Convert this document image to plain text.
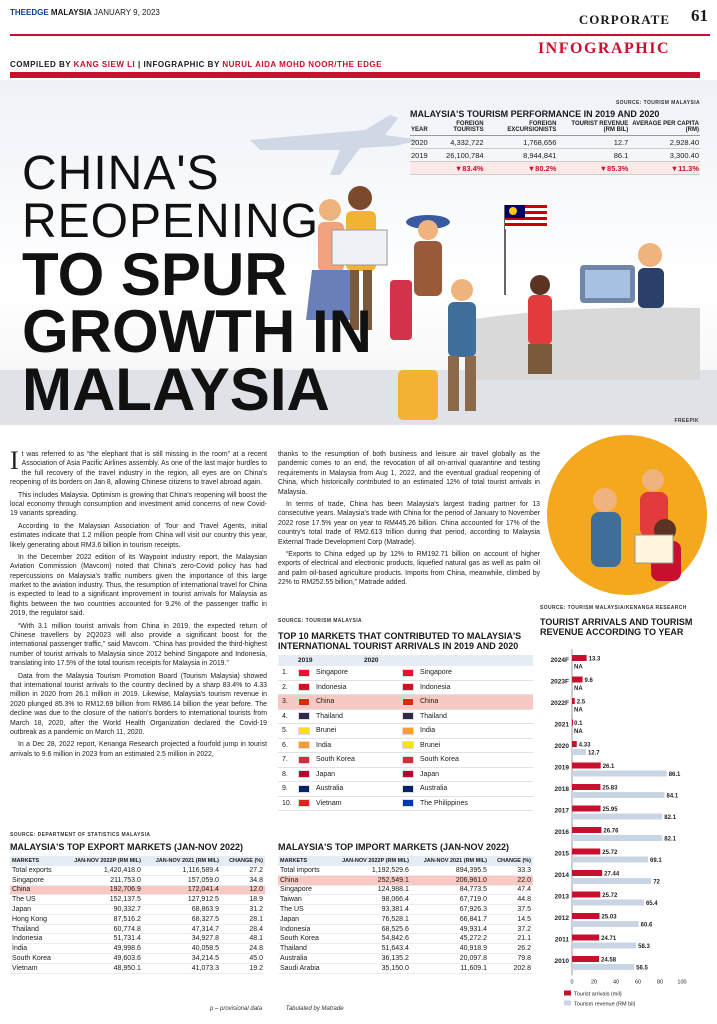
THEEDGE MALAYSIA JANUARY 9, 2023	CORPORATE 61
INFOGRAPHIC
COMPILED BY KANG SIEW LI | INFOGRAPHIC BY NURUL AIDA MOHD NOOR/THE EDGE
CHINA'S
REOPENING
TO SPUR
GROWTH IN
MALAYSIA	FREEPIK
SOURCE: TOURISM MALAYSIA
MALAYSIA'S TOURISM PERFORMANCE IN 2019 AND 2020
YEAR	FOREIGN TOURISTS	FOREIGN EXCURSIONISTS	TOURIST REVENUE (RM BIL)	AVERAGE PER CAPITA (RM)
2020	4,332,722	1,768,656	12.7	2,928.40
2019	26,100,784	8,944,841	86.1	3,300.40
	▼83.4%	▼80.2%	▼85.3%	▼11.3%

It was referred to as “the elephant that is still missing in the room” at a recent Association of Asia Pacific Airlines assembly. As one of the last major hurdles to the full recovery of the travel industry in the region, all eyes are on China's reopening of its borders on Jan 8, allowing Chinese citizens to travel abroad again.

This includes Malaysia. Optimism is growing that China's reopening will boost the local economy through consumption and investment amid concerns of new Covid-19 variants spreading.

According to the Malaysian Association of Tour and Travel Agents, initial estimates indicate that 1.2 million people from China will visit our country this year, likely generating about RM3.6 billion in tourism receipts.

In the December 2022 edition of its Waypoint industry report, the Malaysian Aviation Commission (Mavcom) noted that China's zero-Covid policy has had repercussions on Malaysia's traffic numbers given the importance of this large market to the aviation industry. Thus, the resumption of international travel for China is expected to lead to a significant improvement in tourist arrivals for Malaysia as flights between the two countries accounted for 9.2% of the passenger traffic in 2019, the regulator said.

“With 3.1 million tourist arrivals from China in 2019, the expected return of Chinese travellers by 2Q2023 will also provide a significant boost for the international passenger traffic,” said Mavcom. “China has provided the third-highest number of tourist arrivals to Malaysia since 2012 behind Singapore and Indonesia, translating into 17.5% of the total tourism receipts for Malaysia in 2019.”

Data from the Malaysia Tourism Promotion Board (Tourism Malaysia) showed that international tourist arrivals to the country declined by a sharp 83.4% to 4.33 million in 2020 from 26.1 million in 2019. Likewise, Malaysia's tourism revenue in 2020 plunged 85.3% to RM12.69 billion from RM86.14 billion the year before. The decline was due to the closure of the nation's borders to international tourists from March 18, 2020, after the World Health Organization declared the Covid-19 outbreak as a pandemic on March 11, 2020.

In a Dec 28, 2022 report, Kenanga Research projected a fourfold jump in tourist arrivals to 9.6 million in 2023 from an estimated 2.5 million in 2022,

thanks to the resumption of both business and leisure air travel globally as the pandemic comes to an end, the revocation of all on-arrival quarantine and testing requirements in Malaysia from Aug 1, 2022, and the eventual gradual reopening of China, which historically contributed to an estimated 12% of total tourist arrivals in Malaysia.

In terms of trade, China has been Malaysia's largest trading partner for 13 consecutive years. Malaysia's trade with China for the period of January to November 2022 rose 17.5% year on year to RM445.26 billion. China accounted for 17% of the country's total trade of RM2.613 trillion during that period, according to Malaysia External Trade Development Corp (Matrade).

“Exports to China edged up by 12% to RM192.71 billion on account of higher exports of electrical and electronic products, liquefied natural gas as well as palm oil and palm oil-based agriculture products. Imports from China, meanwhile, climbed by 22% to RM252.55 billion,” Matrade added.

SOURCE: TOURISM MALAYSIA
TOP 10 MARKETS THAT CONTRIBUTED TO MALAYSIA'S INTERNATIONAL TOURIST ARRIVALS IN 2019 AND 2020
2019	2020
1.	Singapore	Singapore
2.	Indonesia	Indonesia
3.	China	China
4.	Thailand	Thailand
5.	Brunei	India
6.	India	Brunei
7.	South Korea	South Korea
8.	Japan	Japan
9.	Australia	Australia
10.	Vietnam	The Philippines
SOURCE: TOURISM MALAYSIA/KENANGA RESEARCH
TOURIST ARRIVALS AND TOURISM REVENUE ACCORDING TO YEAR
2024F	13.3
NA
2023F	9.6
NA
2022F 2.5
NA
2021 0.1
NA
2020 4.33
12.7
2019	26.1
86.1
2018	25.83
84.1
2017	25.95
82.1
2016	26.76
82.1
2015	25.72
69.1
2014	27.44
72
2013	25.72
65.4
2012	25.03
60.6
2011	24.71
58.3
2010	24.58
56.5
0	20	40	60	80	100
Tourist arrivals (mil)
Tourism revenue (RM bil)
SOURCE: DEPARTMENT OF STATISTICS MALAYSIA
MALAYSIA'S TOP EXPORT MARKETS (JAN-NOV 2022)
MARKETS	JAN-NOV 2022P (RM MIL)	JAN-NOV 2021 (RM MIL)	CHANGE (%)
Total exports	1,420,418.0	1,116,589.4	27.2
Singapore	211,753.0	157,059.0	34.8
China	192,706.9	172,041.4	12.0
The US	152,137.5	127,912.5	18.9
Japan	90,332.7	68,863.9	31.2
Hong Kong	87,516.2	68,327.5	28.1
Thailand	60,774.8	47,314.7	28.4
Indonesia	51,731.4	34,927.8	48.1
India	49,998.6	40,058.5	24.8
South Korea	49,603.6	34,214.5	45.0
Vietnam	48,950.1	41,073.3	19.2

MALAYSIA'S TOP IMPORT MARKETS (JAN-NOV 2022)
MARKETS	JAN-NOV 2022P (RM MIL)	JAN-NOV 2021 (RM MIL)	CHANGE (%)
Total imports	1,192,529.6	894,395.5	33.3
China	252,549.1	206,961.0	22.0
Singapore	124,988.1	84,773.5	47.4
Taiwan	98,066.4	67,719.0	44.8
The US	93,381.4	67,926.3	37.5
Japan	76,528.1	66,841.7	14.5
Indonesia	68,525.6	49,931.4	37.2
South Korea	54,842.6	45,272.2	21.1
Thailand	51,643.4	40,918.9	26.2
Australia	36,135.2	20,097.8	79.8
Saudi Arabia	35,150.0	11,609.1	202.8
p – provisional data	Tabulated by Matrade
